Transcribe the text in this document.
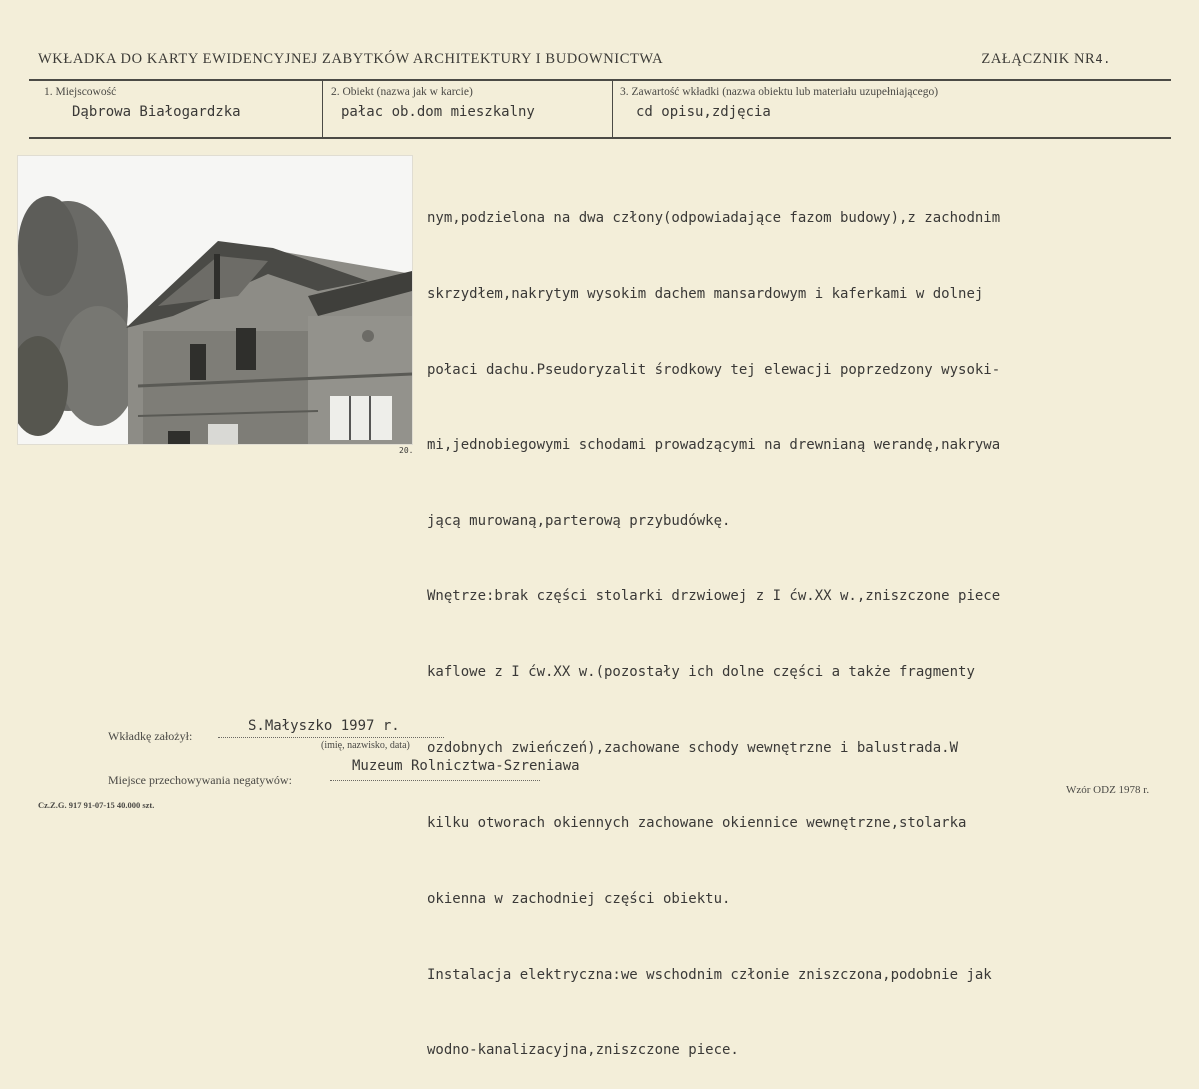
WKŁADKA DO KARTY EWIDENCYJNEJ ZABYTKÓW ARCHITEKTURY I BUDOWNICTWA	ZAŁĄCZNIK NR4.
1. Miejscowość
Dąbrowa Białogardzka
2. Obiekt (nazwa jak w karcie)
pałac ob.dom mieszkalny
3. Zawartość wkładki (nazwa obiektu lub materiału uzupełniającego)
cd opisu,zdjęcia
20.

nym,podzielona na dwa człony(odpowiadające fazom budowy),z zachodnim

skrzydłem,nakrytym wysokim dachem mansardowym i kaferkami w dolnej

połaci dachu.Pseudoryzalit środkowy tej elewacji poprzedzony wysoki-

mi,jednobiegowymi schodami prowadzącymi na drewnianą werandę,nakrywa

jącą murowaną,parterową przybudówkę.

Wnętrze:brak części stolarki drzwiowej z I ćw.XX w.,zniszczone piece

kaflowe z I ćw.XX w.(pozostały ich dolne części a także fragmenty

ozdobnych zwieńczeń),zachowane schody wewnętrzne i balustrada.W

kilku otworach okiennych zachowane okiennice wewnętrzne,stolarka

okienna w zachodniej części obiektu.

Instalacja elektryczna:we wschodnim członie zniszczona,podobnie jak

wodno-kanalizacyjna,zniszczone piece.

Wkładkę założył:
S.Małyszko 1997 r.
(imię, nazwisko, data)
Miejsce przechowywania negatywów:
Muzeum Rolnicztwa-Szreniawa
Cz.Z.G. 917 91-07-15 40.000 szt.
Wzór ODZ 1978 r.
